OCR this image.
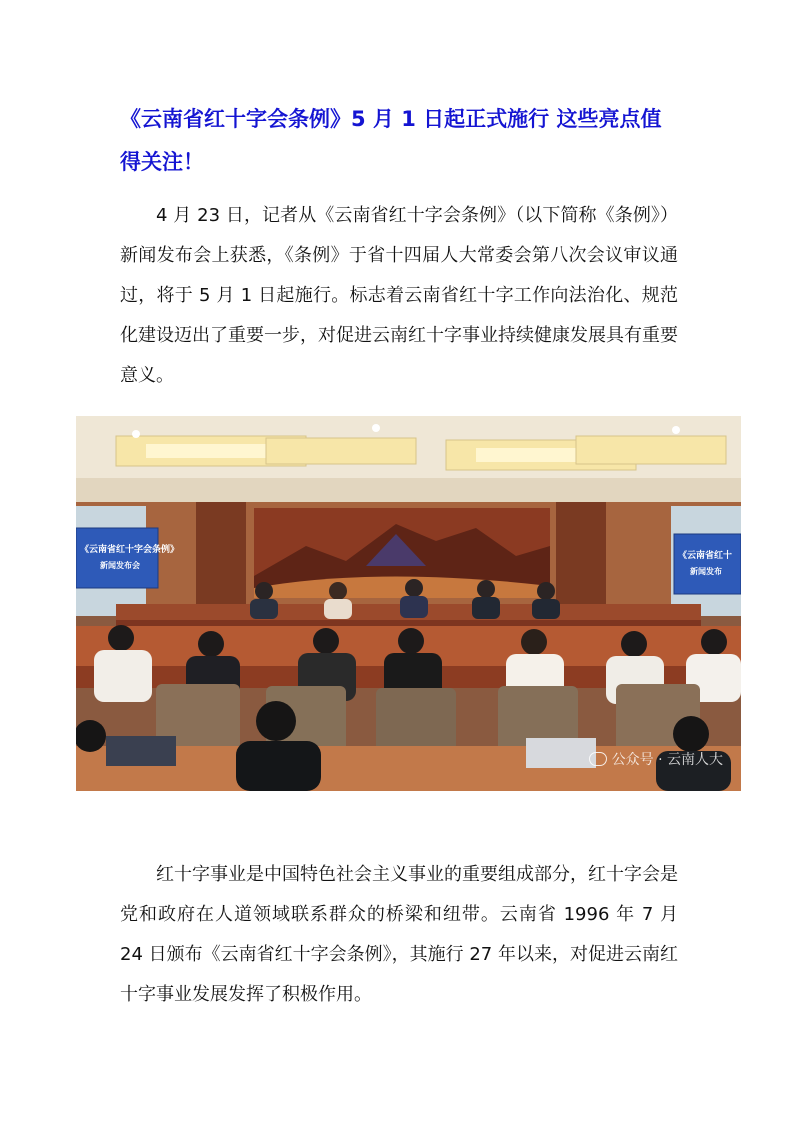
《云南省红十字会条例》5 月 1 日起正式施行 这些亮点值得关注！

4 月 23 日，记者从《云南省红十字会条例》（以下简称《条例》）新闻发布会上获悉，《条例》于省十四届人大常委会第八次会议审议通过，将于 5 月 1 日起施行。标志着云南省红十字工作向法治化、规范化建设迈出了重要一步，对促进云南红十字事业持续健康发展具有重要意义。

《云南省红十字会条例》
新闻发布会
《云南省红十
新闻发布
公众号 · 云南人大

红十字事业是中国特色社会主义事业的重要组成部分，红十字会是党和政府在人道领域联系群众的桥梁和纽带。云南省 1996 年 7 月 24 日颁布《云南省红十字会条例》，其施行 27 年以来，对促进云南红十字事业发展发挥了积极作用。
